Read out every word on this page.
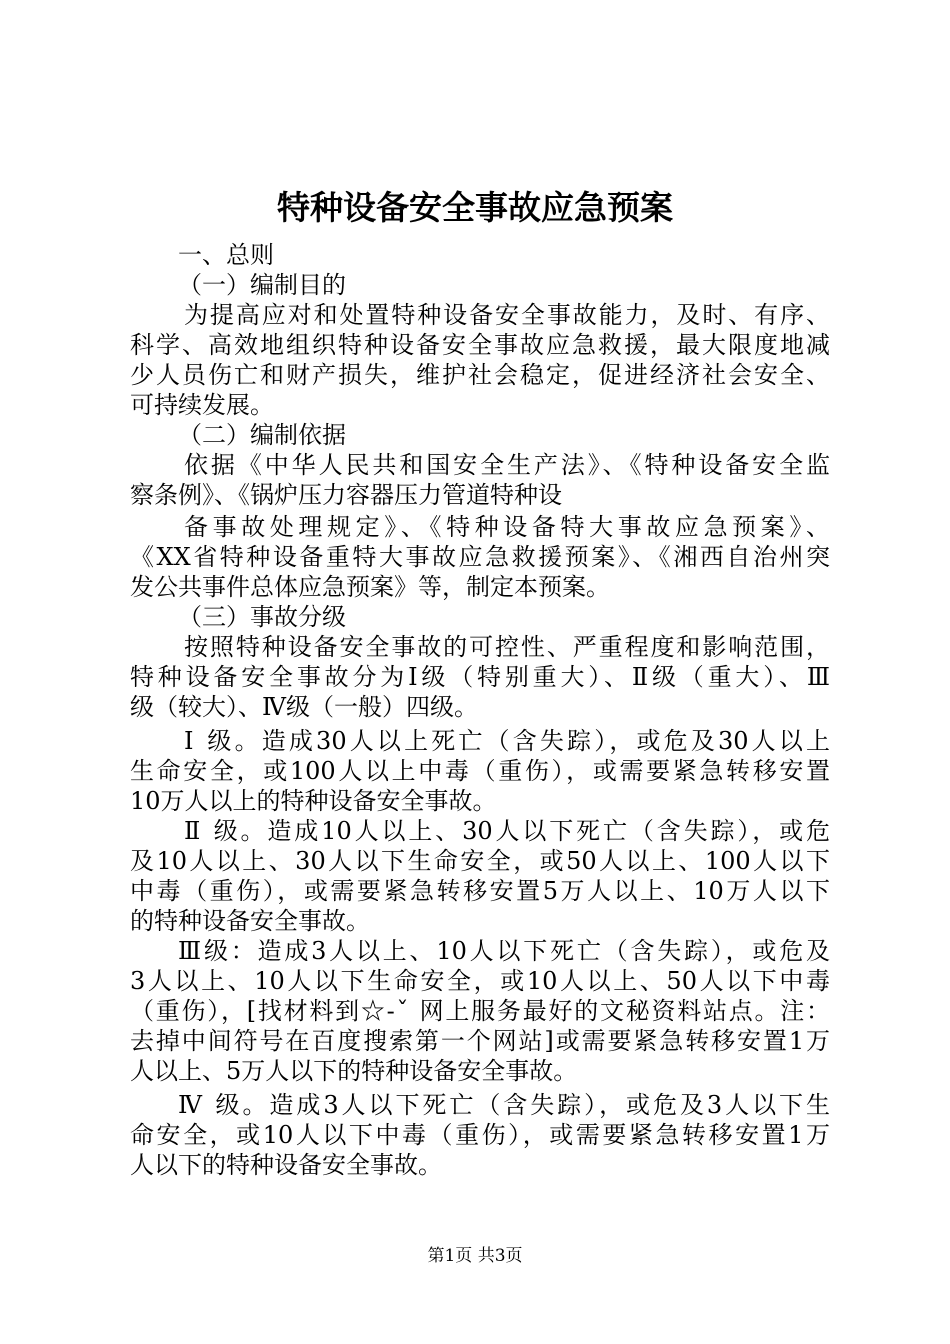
特种设备安全事故应急预案
一、总则
（一）编制目的
为提高应对和处置特种设备安全事故能力，及时、有序、
科学、高效地组织特种设备安全事故应急救援，最大限度地减
少人员伤亡和财产损失，维护社会稳定，促进经济社会安全、
可持续发展。
（二）编制依据
依据《中华人民共和国安全生产法》、《特种设备安全监
察条例》、《锅炉压力容器压力管道特种设
备事故处理规定》、《特种设备特大事故应急预案》、
《XX省特种设备重特大事故应急救援预案》、《湘西自治州突
发公共事件总体应急预案》等，制定本预案。
（三）事故分级
按照特种设备安全事故的可控性、严重程度和影响范围，
特种设备安全事故分为Ⅰ级（特别重大）、Ⅱ级（重大）、Ⅲ
级（较大）、Ⅳ级（一般）四级。
Ⅰ 级。造成30人以上死亡（含失踪），或危及30人以上
生命安全，或100人以上中毒（重伤），或需要紧急转移安置
10万人以上的特种设备安全事故。
Ⅱ 级。造成10人以上、30人以下死亡（含失踪），或危
及10人以上、30人以下生命安全，或50人以上、100人以下
中毒（重伤），或需要紧急转移安置5万人以上、10万人以下
的特种设备安全事故。
Ⅲ级：造成3人以上、10人以下死亡（含失踪），或危及
3人以上、10人以下生命安全，或10人以上、50人以下中毒
（重伤），[找材料到☆-ˇ 网上服务最好的文秘资料站点。注：
去掉中间符号在百度搜索第一个网站]或需要紧急转移安置1万
人以上、5万人以下的特种设备安全事故。
Ⅳ 级。造成3人以下死亡（含失踪），或危及3人以下生
命安全，或10人以下中毒（重伤），或需要紧急转移安置1万
人以下的特种设备安全事故。
第1页 共3页
